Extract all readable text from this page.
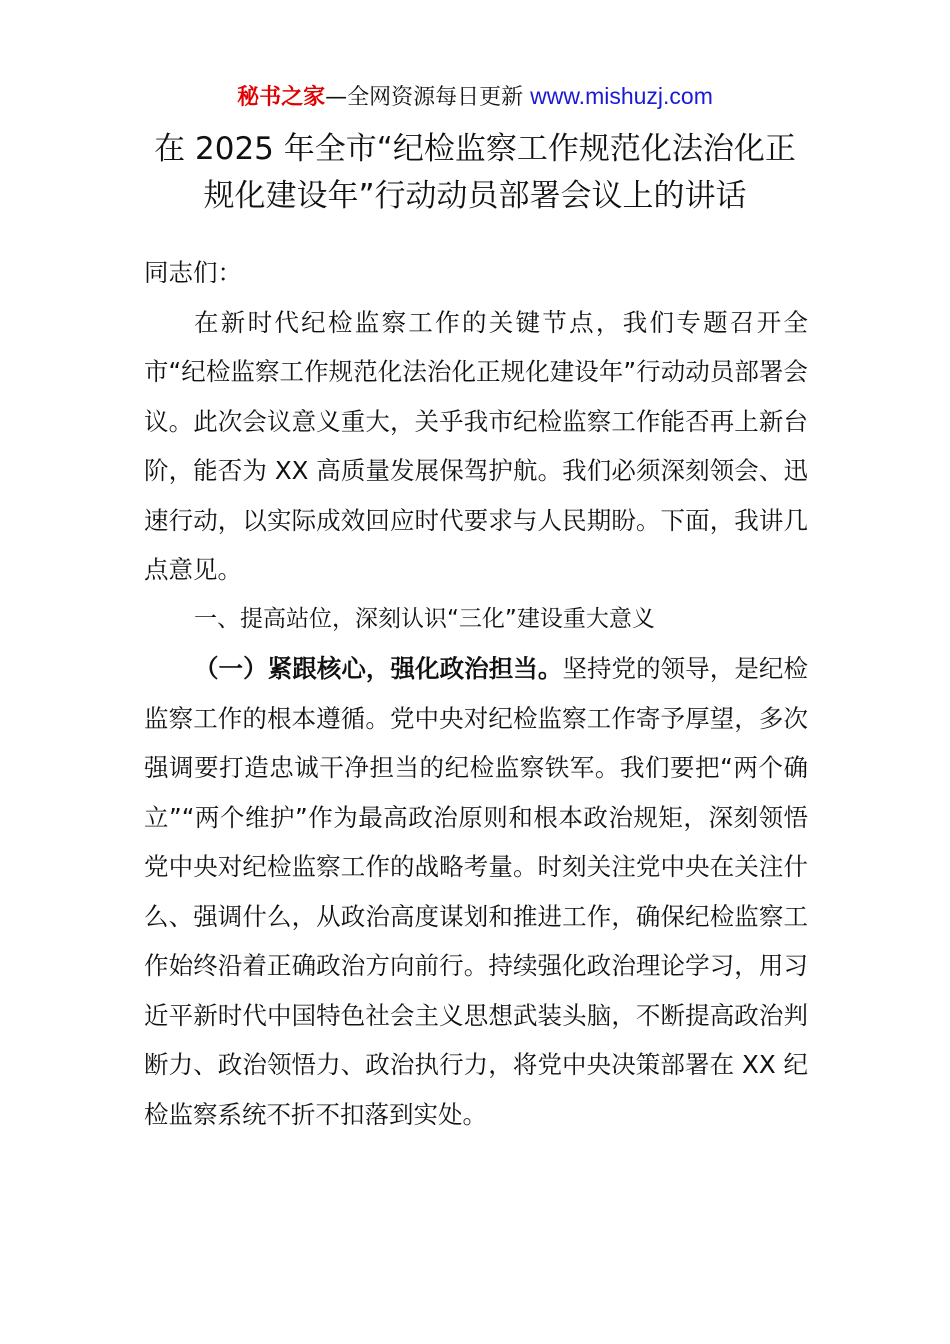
秘书之家—全网资源每日更新 www.mishuzj.com
在 2025 年全市“纪检监察工作规范化法治化正
规化建设年”行动动员部署会议上的讲话

同志们：

在新时代纪检监察工作的关键节点，我们专题召开全市“纪检监察工作规范化法治化正规化建设年”行动动员部署会议。此次会议意义重大，关乎我市纪检监察工作能否再上新台阶，能否为 XX 高质量发展保驾护航。我们必须深刻领会、迅速行动，以实际成效回应时代要求与人民期盼。下面，我讲几点意见。

一、提高站位，深刻认识“三化”建设重大意义

（一）紧跟核心，强化政治担当。坚持党的领导，是纪检监察工作的根本遵循。党中央对纪检监察工作寄予厚望，多次强调要打造忠诚干净担当的纪检监察铁军。我们要把“两个确立”“两个维护”作为最高政治原则和根本政治规矩，深刻领悟党中央对纪检监察工作的战略考量。时刻关注党中央在关注什么、强调什么，从政治高度谋划和推进工作，确保纪检监察工作始终沿着正确政治方向前行。持续强化政治理论学习，用习近平新时代中国特色社会主义思想武装头脑，不断提高政治判断力、政治领悟力、政治执行力，将党中央决策部署在 XX 纪检监察系统不折不扣落到实处。
